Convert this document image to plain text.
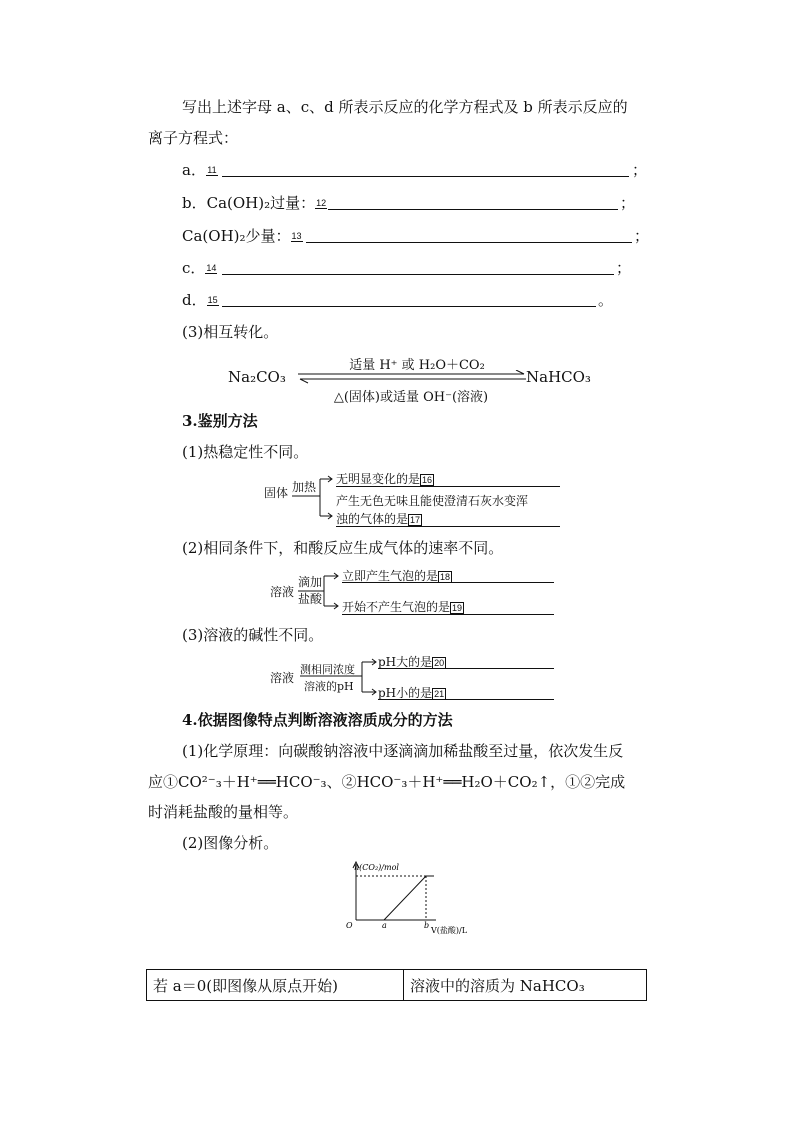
写出上述字母 a、c、d 所表示反应的化学方程式及 b 所表示反应的
离子方程式：
a．11	；
b．Ca(OH)₂过量：12	；
Ca(OH)₂少量：13	；
c．14	；
d．15	。
(3)相互转化。
Na₂CO₃
适量 H⁺ 或 H₂O＋CO₂
△(固体)或适量 OH⁻(溶液)
NaHCO₃
3.鉴别方法
(1)热稳定性不同。
固体 加热
无明显变化的是 16
产生无色无味且能使澄清石灰水变浑
浊的气体的是 17
(2)相同条件下，和酸反应生成气体的速率不同。
溶液
滴加
盐酸
立即产生气泡的是 18
开始不产生气泡的是 19
(3)溶液的碱性不同。
溶液
测相同浓度
溶液的pH
pH大的是 20
pH小的是 21
4.依据图像特点判断溶液溶质成分的方法
(1)化学原理：向碳酸钠溶液中逐滴滴加稀盐酸至过量，依次发生反
应①CO²⁻₃＋H⁺══HCO⁻₃、②HCO⁻₃＋H⁺══H₂O＋CO₂↑，①②完成
时消耗盐酸的量相等。
(2)图像分析。
n(CO₂)/mol
O	a	b
V(盐酸)/L
若 a＝0(即图像从原点开始)	溶液中的溶质为 NaHCO₃
